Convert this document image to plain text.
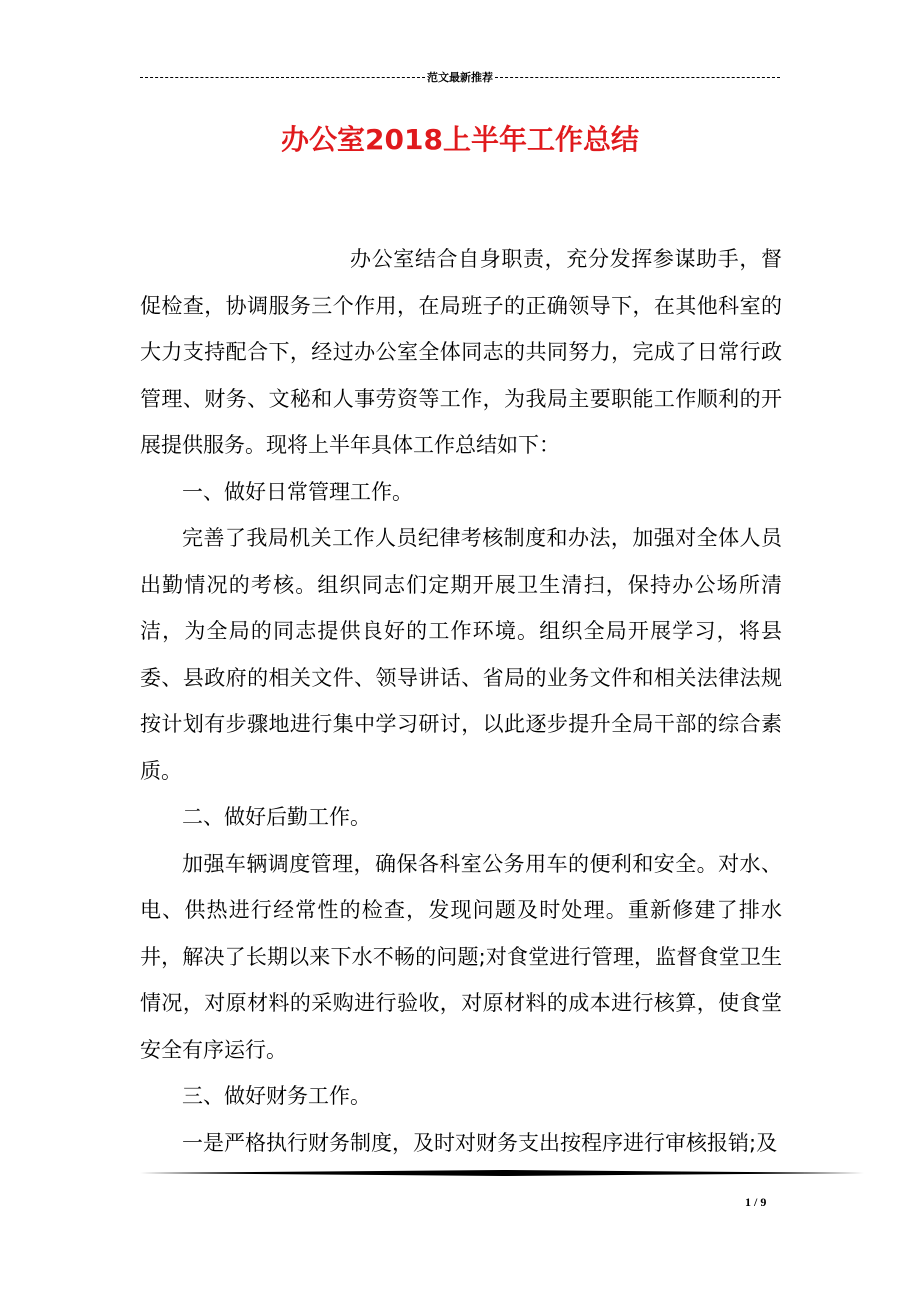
范文最新推荐
办公室2018上半年工作总结

办公室结合自身职责，充分发挥参谋助手，督促检查，协调服务三个作用，在局班子的正确领导下，在其他科室的大力支持配合下，经过办公室全体同志的共同努力，完成了日常行政管理、财务、文秘和人事劳资等工作，为我局主要职能工作顺利的开展提供服务。现将上半年具体工作总结如下：

一、做好日常管理工作。

完善了我局机关工作人员纪律考核制度和办法，加强对全体人员出勤情况的考核。组织同志们定期开展卫生清扫，保持办公场所清洁，为全局的同志提供良好的工作环境。组织全局开展学习，将县委、县政府的相关文件、领导讲话、省局的业务文件和相关法律法规按计划有步骤地进行集中学习研讨，以此逐步提升全局干部的综合素质。

二、做好后勤工作。

加强车辆调度管理，确保各科室公务用车的便利和安全。对水、电、供热进行经常性的检查，发现问题及时处理。重新修建了排水井，解决了长期以来下水不畅的问题;对食堂进行管理，监督食堂卫生情况，对原材料的采购进行验收，对原材料的成本进行核算，使食堂安全有序运行。

三、做好财务工作。

一是严格执行财务制度，及时对财务支出按程序进行审核报销;及

1 / 9
